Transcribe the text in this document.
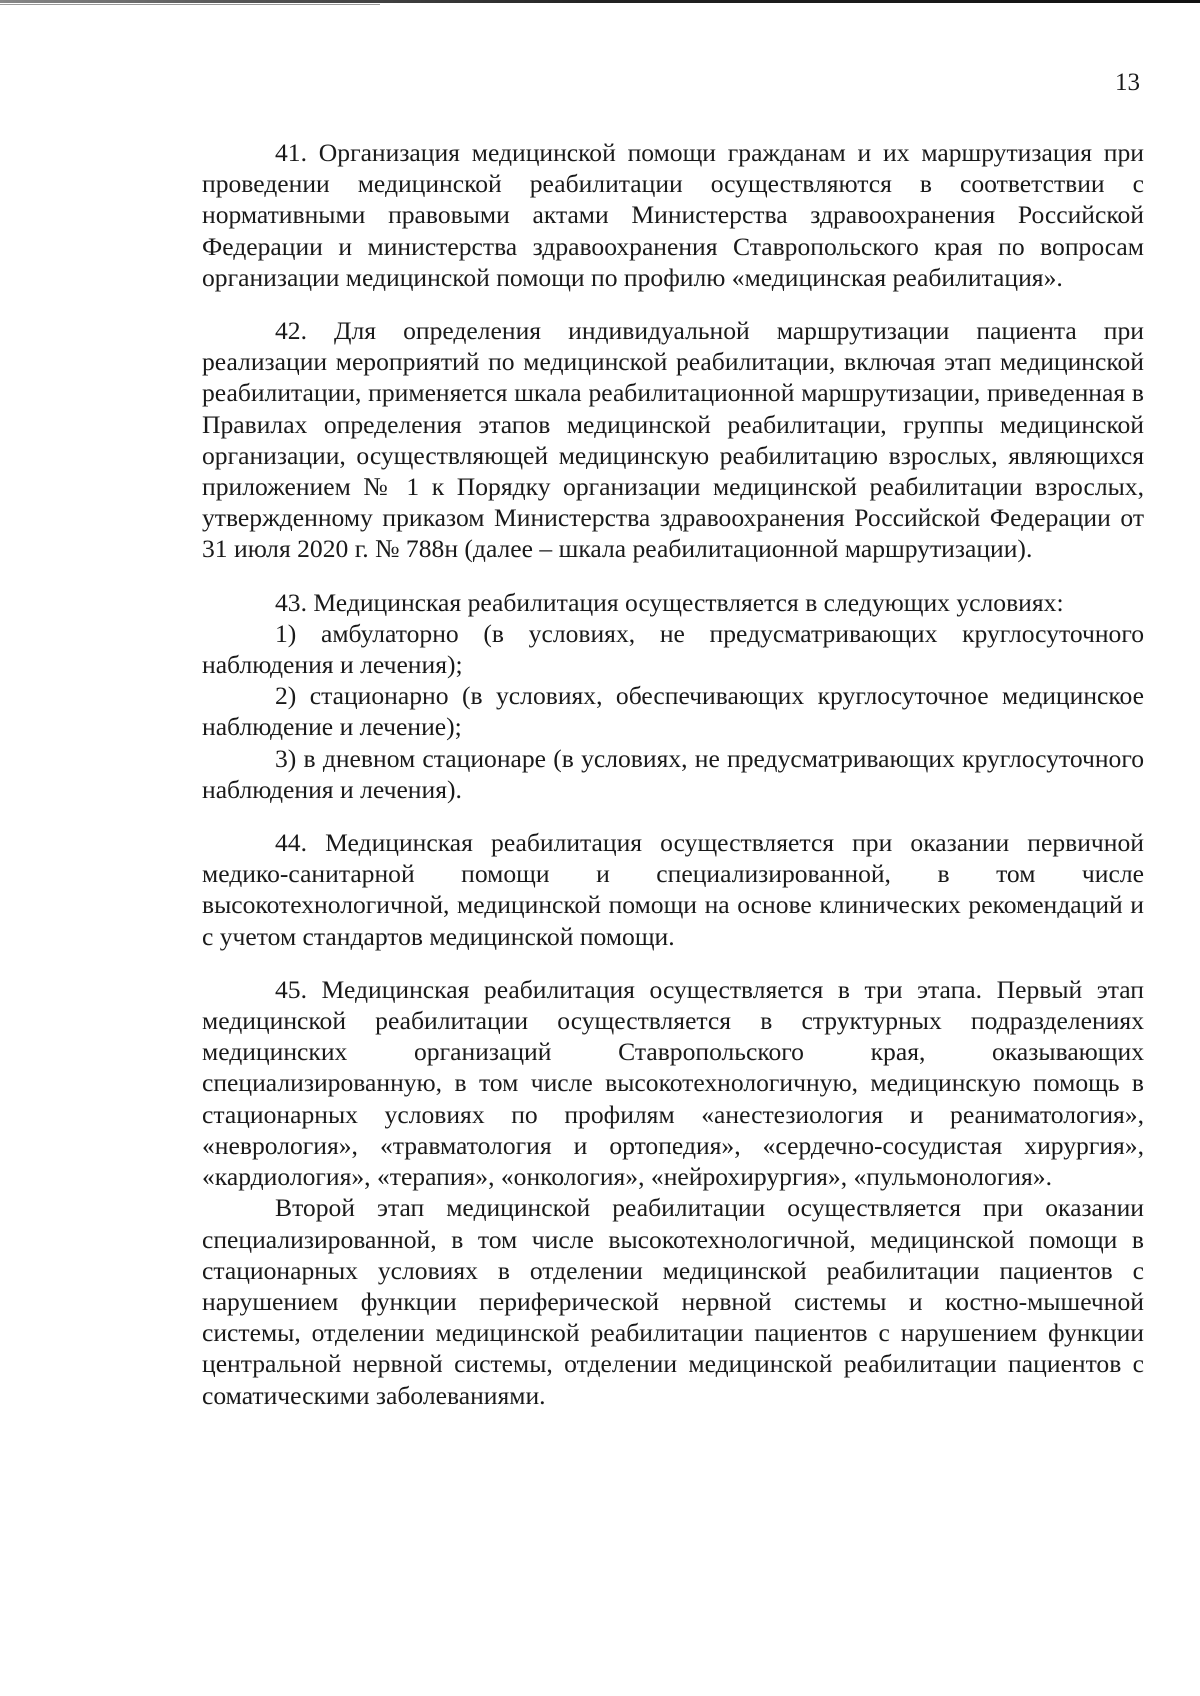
13

41. Организация медицинской помощи гражданам и их маршрутизация при проведении медицинской реабилитации осуществляются в соответствии с нормативными правовыми актами Министерства здравоохранения Российской Федерации и министерства здравоохранения Ставропольского края по вопросам организации медицинской помощи по профилю «медицинская реабилитация».

42. Для определения индивидуальной маршрутизации пациента при реализации мероприятий по медицинской реабилитации, включая этап медицинской реабилитации, применяется шкала реабилитационной маршрутизации, приведенная в Правилах определения этапов медицинской реабилитации, группы медицинской организации, осуществляющей медицинскую реабилитацию взрослых, являющихся приложением № 1 к Порядку организации медицинской реабилитации взрослых, утвержденному приказом Министерства здравоохранения Российской Федерации от 31 июля 2020 г. № 788н (далее – шкала реабилитационной маршрутизации).

43. Медицинская реабилитация осуществляется в следующих условиях:

1) амбулаторно (в условиях, не предусматривающих круглосуточного наблюдения и лечения);

2) стационарно (в условиях, обеспечивающих круглосуточное медицинское наблюдение и лечение);

3) в дневном стационаре (в условиях, не предусматривающих круглосуточного наблюдения и лечения).

44. Медицинская реабилитация осуществляется при оказании первичной медико-санитарной помощи и специализированной, в том числе высокотехнологичной, медицинской помощи на основе клинических рекомендаций и с учетом стандартов медицинской помощи.

45. Медицинская реабилитация осуществляется в три этапа. Первый этап медицинской реабилитации осуществляется в структурных подразделениях медицинских организаций Ставропольского края, оказывающих специализированную, в том числе высокотехнологичную, медицинскую помощь в стационарных условиях по профилям «анестезиология и реаниматология», «неврология», «травматология и ортопедия», «сердечно-сосудистая хирургия», «кардиология», «терапия», «онкология», «нейрохирургия», «пульмонология».

Второй этап медицинской реабилитации осуществляется при оказании специализированной, в том числе высокотехнологичной, медицинской помощи в стационарных условиях в отделении медицинской реабилитации пациентов с нарушением функции периферической нервной системы и костно-мышечной системы, отделении медицинской реабилитации пациентов с нарушением функции центральной нервной системы, отделении медицинской реабилитации пациентов с соматическими заболеваниями.
